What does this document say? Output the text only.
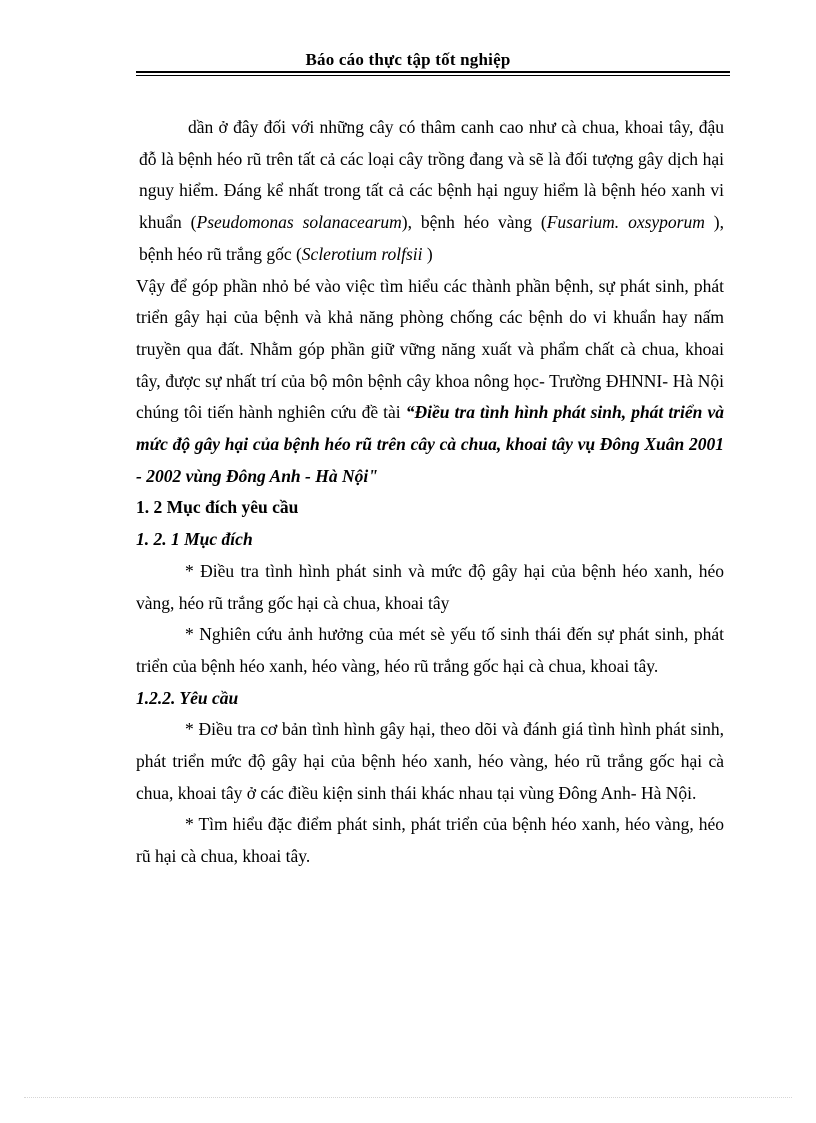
Báo cáo thực tập tốt nghiệp

dần ở đây đối với những cây có thâm canh cao như cà chua, khoai tây, đậu đỗ là bệnh héo rũ trên tất cả các loại cây trồng đang và sẽ là đối tượng gây dịch hại nguy hiểm. Đáng kể nhất trong tất cả các bệnh hại nguy hiểm là bệnh héo xanh vi khuẩn (Pseudomonas solanacearum), bệnh héo vàng (Fusarium. oxsyporum ), bệnh héo rũ trắng gốc (Sclerotium rolfsii )

Vậy để góp phần nhỏ bé vào việc tìm hiểu các thành phần bệnh, sự phát sinh, phát triển gây hại của bệnh và khả năng phòng chống các bệnh do vi khuẩn hay nấm truyền qua đất. Nhằm góp phần giữ vững năng xuất và phẩm chất cà chua, khoai tây, được sự nhất trí của bộ môn bệnh cây khoa nông học- Trường ĐHNNI- Hà Nội chúng tôi tiến hành nghiên cứu đề tài “Điều tra tình hình phát sinh, phát triển và mức độ gây hại của bệnh héo rũ trên cây cà chua, khoai tây vụ Đông Xuân 2001 - 2002 vùng Đông Anh - Hà Nội"

1. 2 Mục đích yêu cầu

1. 2. 1 Mục đích

* Điều tra tình hình phát sinh và mức độ gây hại của bệnh héo xanh, héo vàng, héo rũ trắng gốc hại cà chua, khoai tây

* Nghiên cứu ảnh hưởng của mét sè yếu tố sinh thái đến sự phát sinh, phát triển của bệnh héo xanh, héo vàng, héo rũ trắng gốc hại cà chua, khoai tây.

1.2.2. Yêu cầu

* Điều tra cơ bản tình hình gây hại, theo dõi và đánh giá tình hình phát sinh, phát triển mức độ gây hại của bệnh héo xanh, héo vàng, héo rũ trắng gốc hại cà chua, khoai tây ở các điều kiện sinh thái khác nhau tại vùng Đông Anh- Hà Nội.

* Tìm hiểu đặc điểm phát sinh, phát triển của bệnh héo xanh, héo vàng, héo rũ hại cà chua, khoai tây.
